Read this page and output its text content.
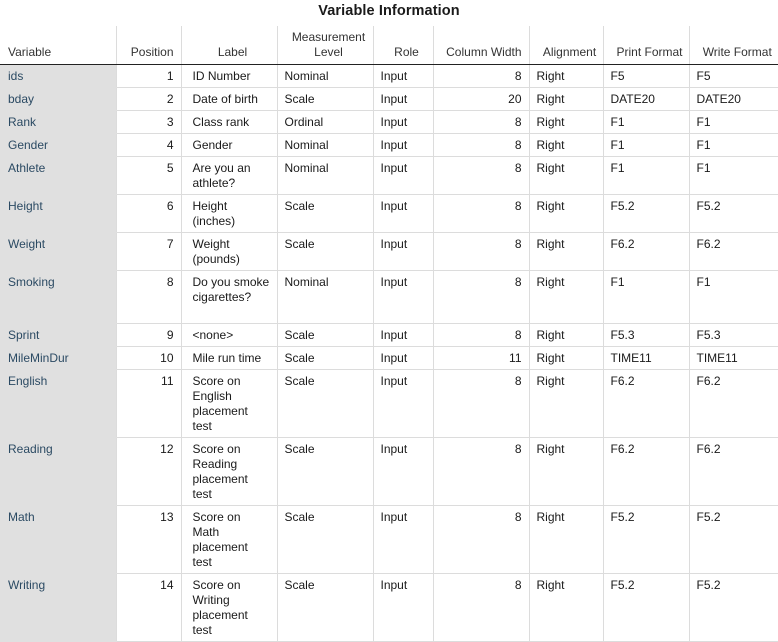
Variable Information
Variable	Position	Label	Measurement Level	Role	Column Width	Alignment	Print Format	Write Format
ids	1	ID Number	Nominal	Input	8	Right	F5	F5
bday	2	Date of birth	Scale	Input	20	Right	DATE20	DATE20
Rank	3	Class rank	Ordinal	Input	8	Right	F1	F1
Gender	4	Gender	Nominal	Input	8	Right	F1	F1
Athlete	5	Are you an athlete?	Nominal	Input	8	Right	F1	F1
Height	6	Height (inches)	Scale	Input	8	Right	F5.2	F5.2
Weight	7	Weight (pounds)	Scale	Input	8	Right	F6.2	F6.2
Smoking	8	Do you smoke cigarettes?	Nominal	Input	8	Right	F1	F1
Sprint	9	<none>	Scale	Input	8	Right	F5.3	F5.3
MileMinDur	10	Mile run time	Scale	Input	11	Right	TIME11	TIME11
English	11	Score on English placement test	Scale	Input	8	Right	F6.2	F6.2
Reading	12	Score on Reading placement test	Scale	Input	8	Right	F6.2	F6.2
Math	13	Score on Math placement test	Scale	Input	8	Right	F5.2	F5.2
Writing	14	Score on Writing placement test	Scale	Input	8	Right	F5.2	F5.2
